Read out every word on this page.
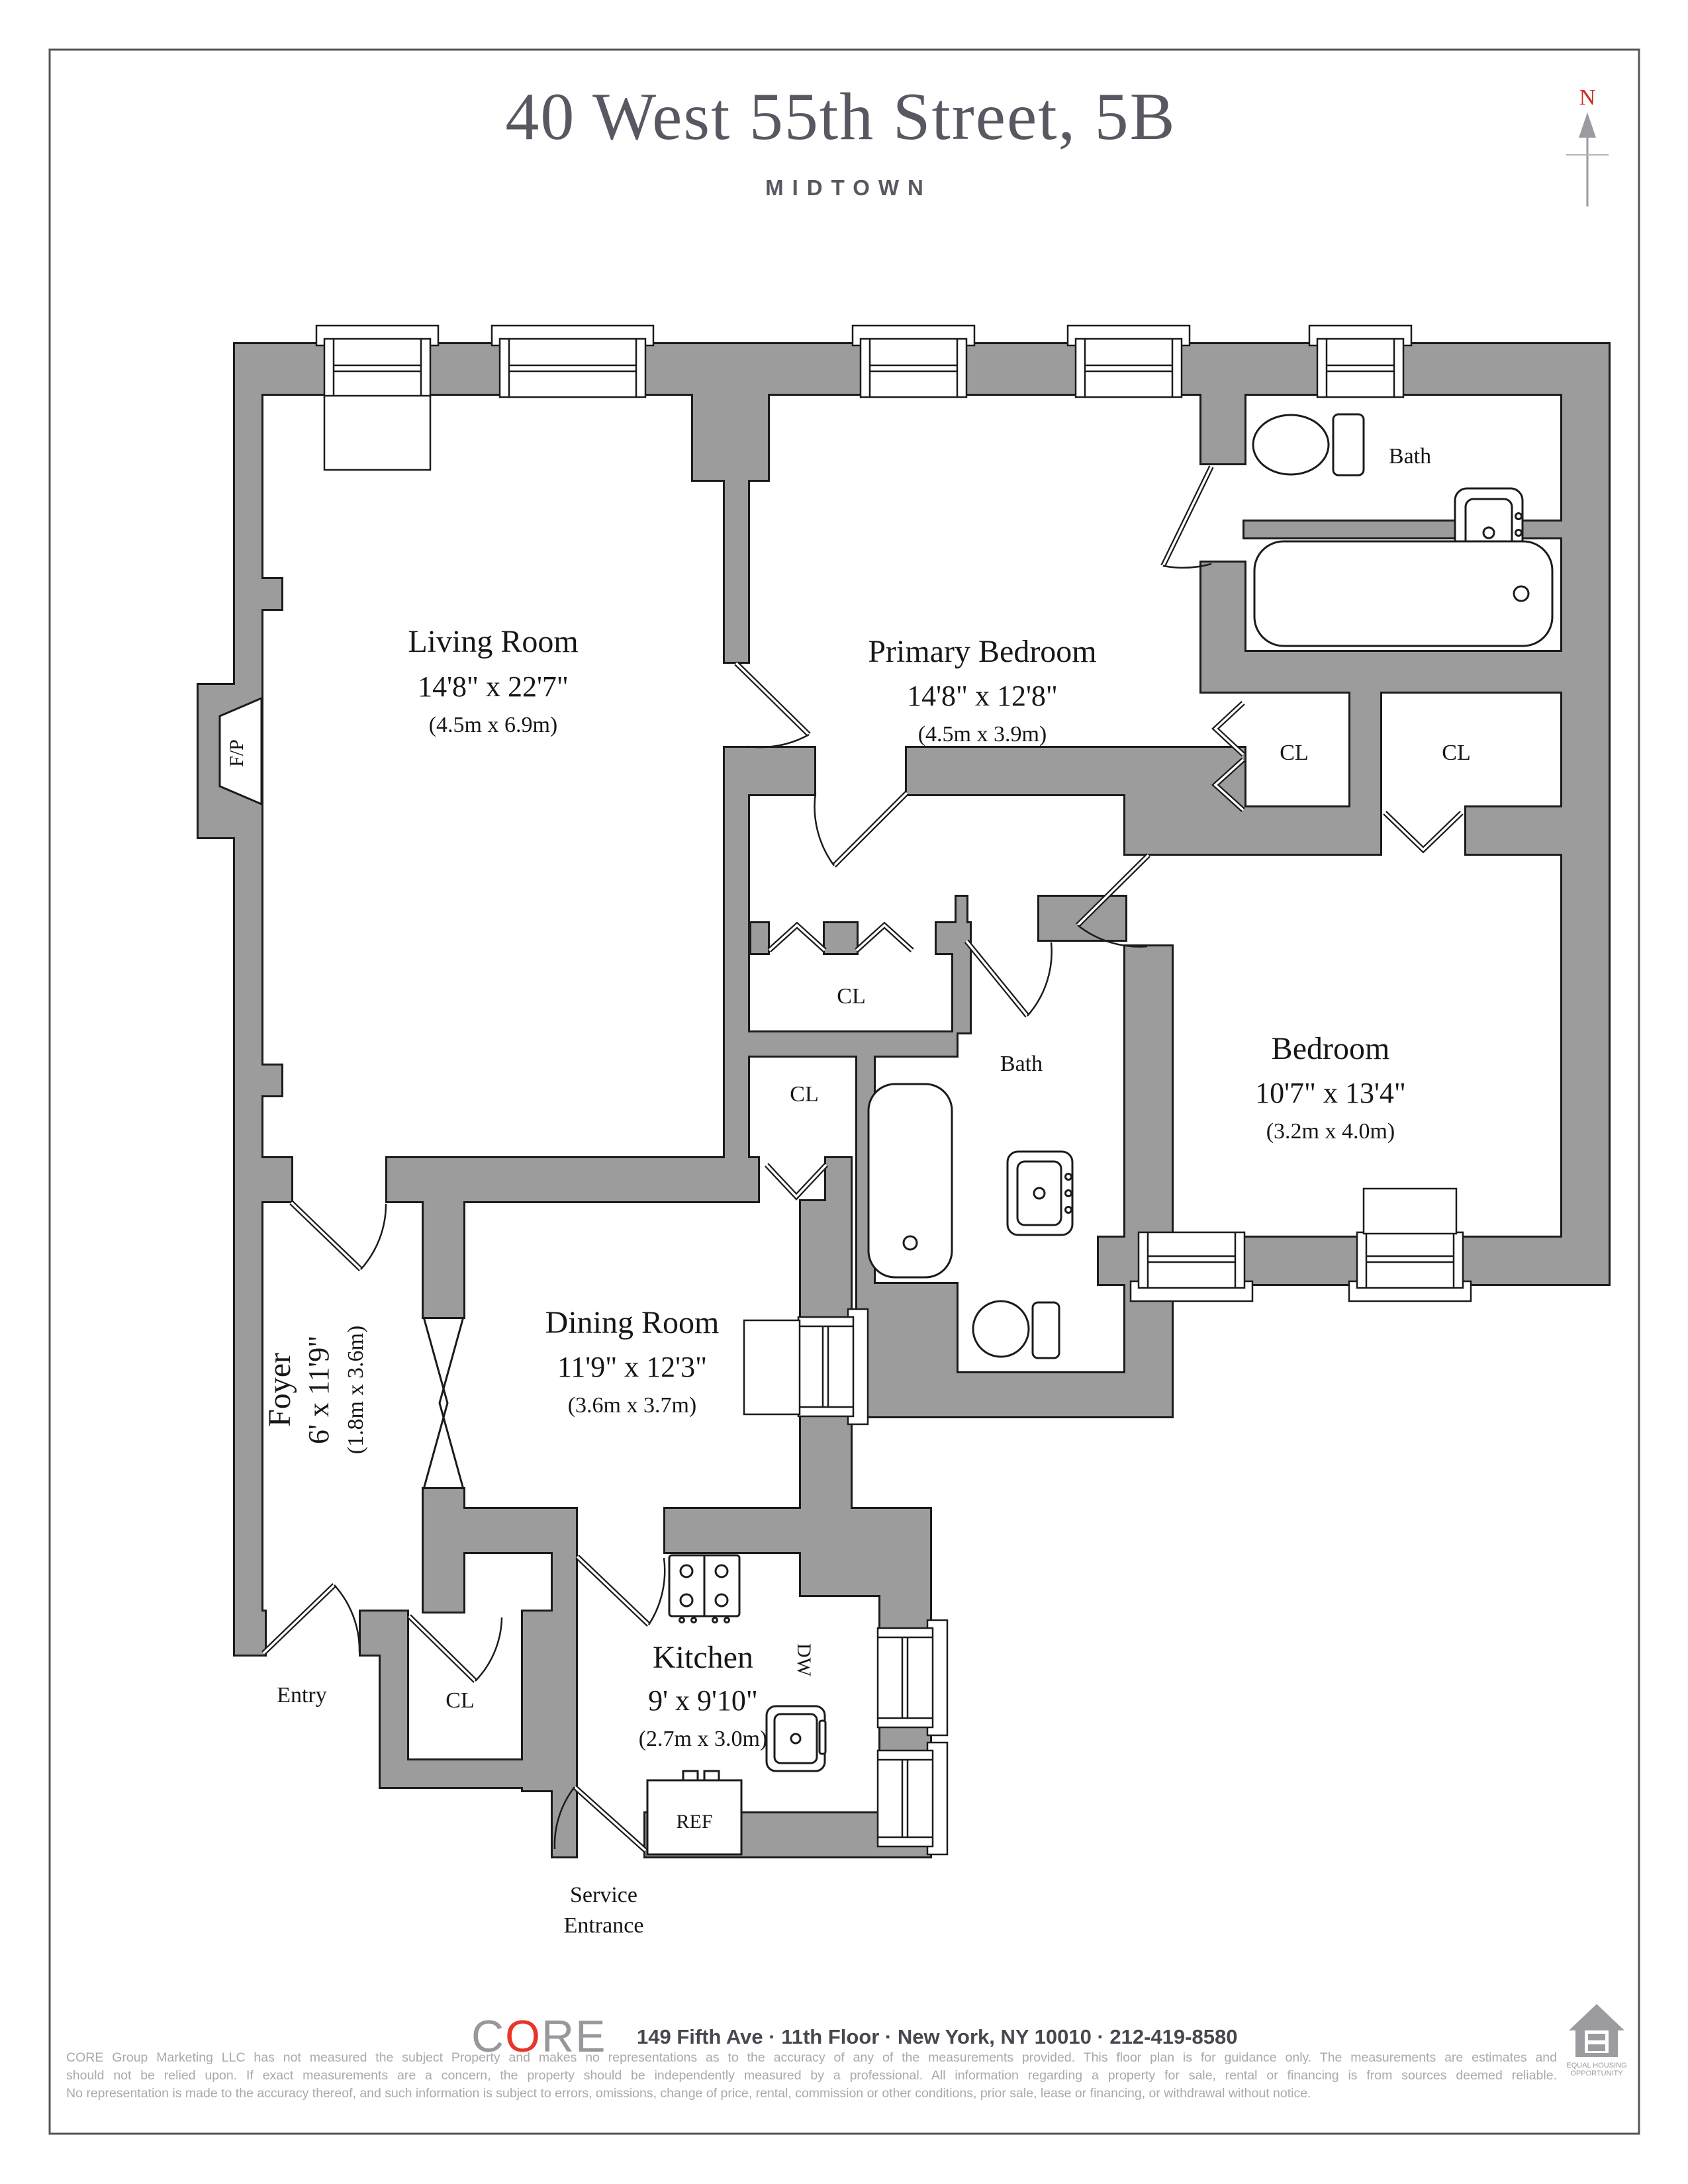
40 West 55th Street, 5B
MIDTOWN
N
Living Room
14'8" x 22'7"
(4.5m x 6.9m)
Primary Bedroom
14'8" x 12'8"
(4.5m x 3.9m)
Bedroom
10'7" x 13'4"
(3.2m x 4.0m)
Dining Room
11'9" x 12'3"
(3.6m x 3.7m)
Kitchen
9' x 9'10"
(2.7m x 3.0m)
Foyer 6' x 11'9" (1.8m x 3.6m)
Bath
Bath
CL	CL
CL
CL
CL
F/P
DW
REF
Entry
Service
Entrance
CORE 149 Fifth Ave · 11th Floor · New York, NY 10010 · 212-419-8580
EQUAL HOUSING
OPPORTUNITY
CORE Group Marketing LLC has not measured the subject Property and makes no representations as to the accuracy of any of the measurements provided. This floor plan is for guidance only. The measurements are estimates and
should not be relied upon. If exact measurements are a concern, the property should be independently measured by a professional. All information regarding a property for sale, rental or financing is from sources deemed reliable.
No representation is made to the accuracy thereof, and such information is subject to errors, omissions, change of price, rental, commission or other conditions, prior sale, lease or financing, or withdrawal without notice.
